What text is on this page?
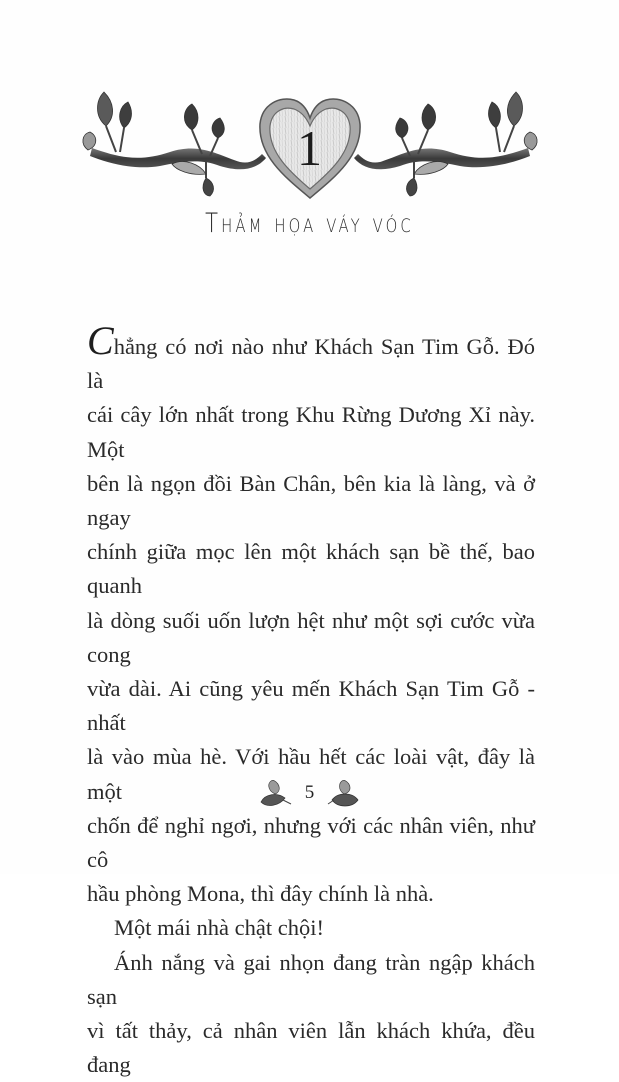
1
Thảm họa váy vóc

Chẳng có nơi nào như Khách Sạn Tim Gỗ. Đó là
cái cây lớn nhất trong Khu Rừng Dương Xỉ này. Một
bên là ngọn đồi Bàn Chân, bên kia là làng, và ở ngay
chính giữa mọc lên một khách sạn bề thế, bao quanh
là dòng suối uốn lượn hệt như một sợi cước vừa cong
vừa dài. Ai cũng yêu mến Khách Sạn Tim Gỗ - nhất
là vào mùa hè. Với hầu hết các loài vật, đây là một
chốn để nghỉ ngơi, nhưng với các nhân viên, như cô
hầu phòng Mona, thì đây chính là nhà.

Một mái nhà chật chội!

Ánh nắng và gai nhọn đang tràn ngập khách sạn
vì tất thảy, cả nhân viên lẫn khách khứa, đều đang

5
